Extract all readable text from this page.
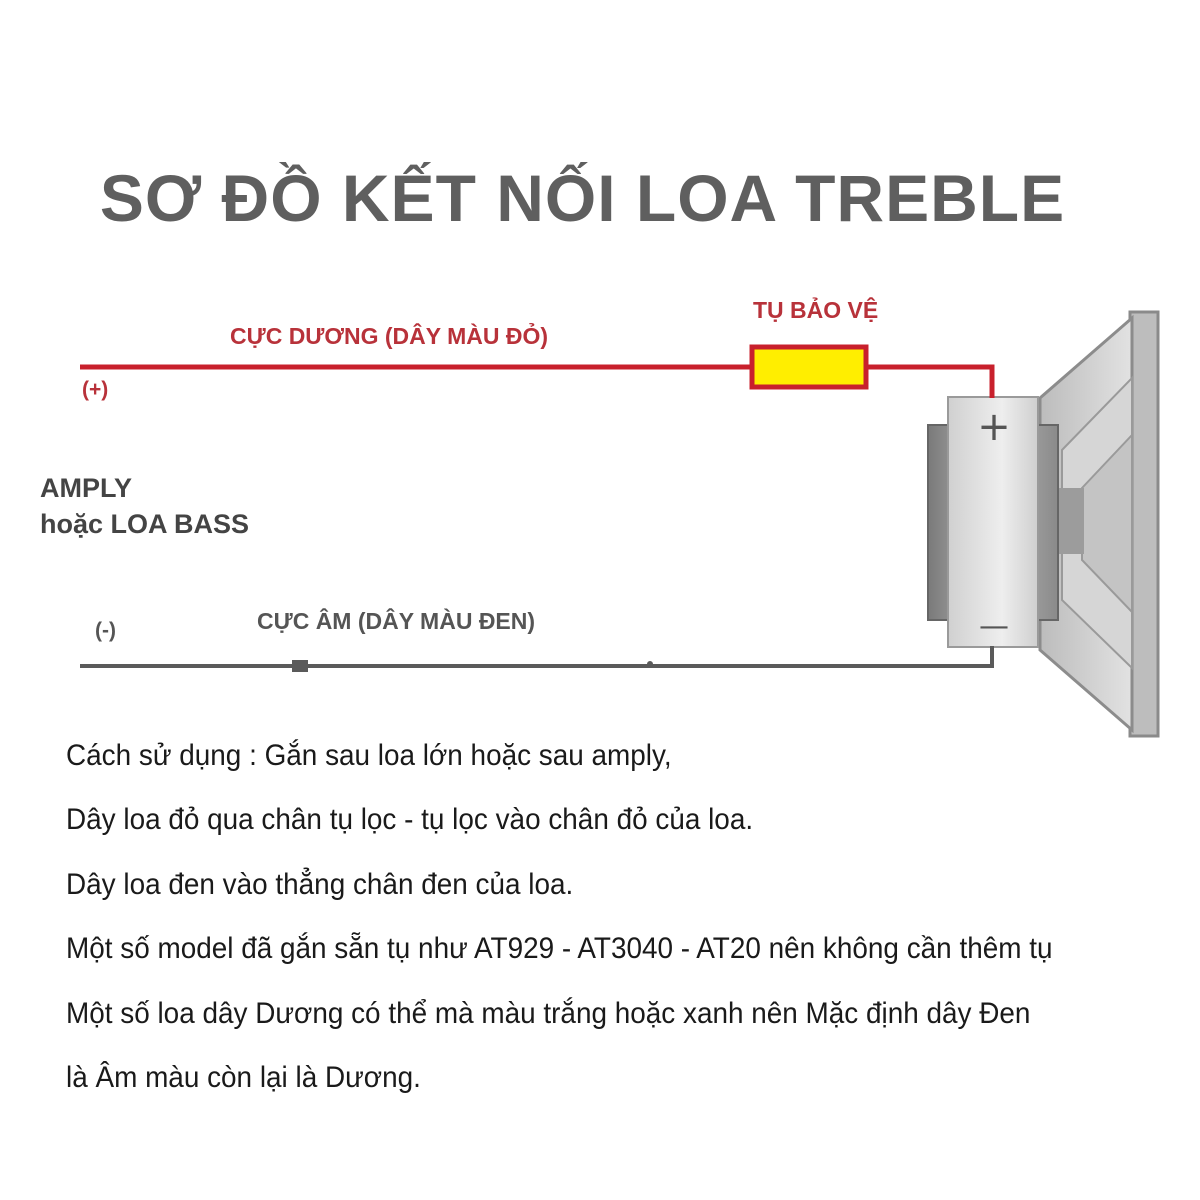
SƠ ĐỒ KẾT NỐI LOA TREBLE
+
—
CỰC DƯƠNG (DÂY MÀU ĐỎ)
TỤ BẢO VỆ
(+)
AMPLY
hoặc LOA BASS
(-)	CỰC ÂM (DÂY MÀU ĐEN)
Cách sử dụng : Gắn sau loa lớn hoặc sau amply,
Dây loa đỏ qua chân tụ lọc - tụ lọc vào chân đỏ của loa.
Dây loa đen vào thẳng chân đen của loa.
Một số model đã gắn sẵn tụ như AT929 - AT3040 - AT20 nên không cần thêm tụ
Một số loa dây Dương có thể mà màu trắng hoặc xanh nên Mặc định dây Đen
là Âm màu còn lại là Dương.
